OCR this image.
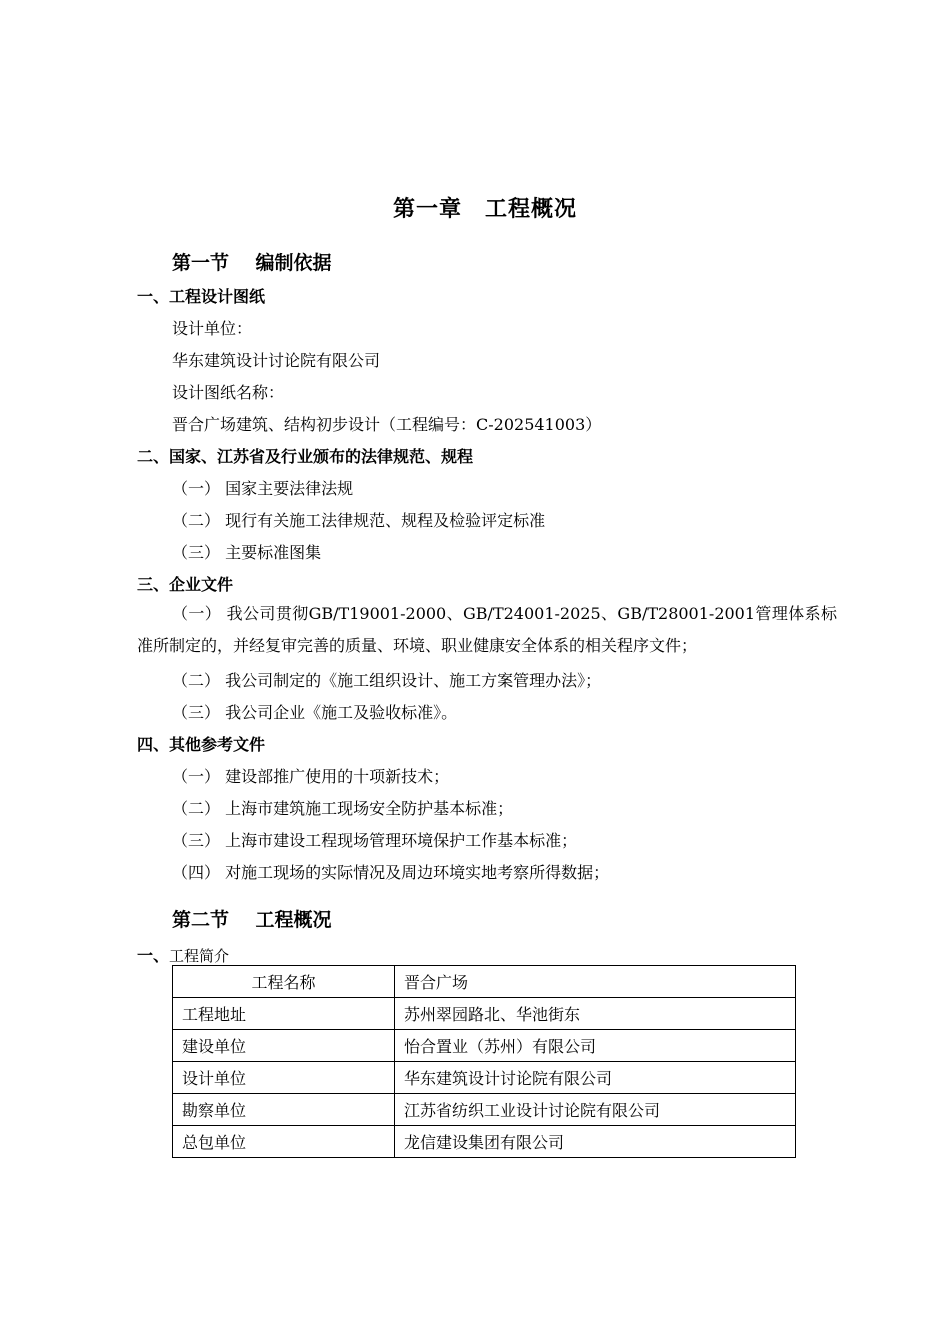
第一章　工程概况
第一节    编制依据
一、工程设计图纸
设计单位：
华东建筑设计讨论院有限公司
设计图纸名称：
晋合广场建筑、结构初步设计（工程编号：C-202541003）
二、国家、江苏省及行业颁布的法律规范、规程
（一） 国家主要法律法规
（二） 现行有关施工法律规范、规程及检验评定标准
（三） 主要标准图集
三、企业文件
（一） 我公司贯彻GB/T19001-2000、GB/T24001-2025、GB/T28001-2001管理体系标准所制定的，并经复审完善的质量、环境、职业健康安全体系的相关程序文件；
（二） 我公司制定的《施工组织设计、施工方案管理办法》；
（三） 我公司企业《施工及验收标准》。
四、其他参考文件
（一） 建设部推广使用的十项新技术；
（二） 上海市建筑施工现场安全防护基本标准；
（三） 上海市建设工程现场管理环境保护工作基本标准；
（四） 对施工现场的实际情况及周边环境实地考察所得数据；
第二节    工程概况
一、工程简介
工程名称	晋合广场
工程地址	苏州翠园路北、华池街东
建设单位	怡合置业（苏州）有限公司
设计单位	华东建筑设计讨论院有限公司
勘察单位	江苏省纺织工业设计讨论院有限公司
总包单位	龙信建设集团有限公司
